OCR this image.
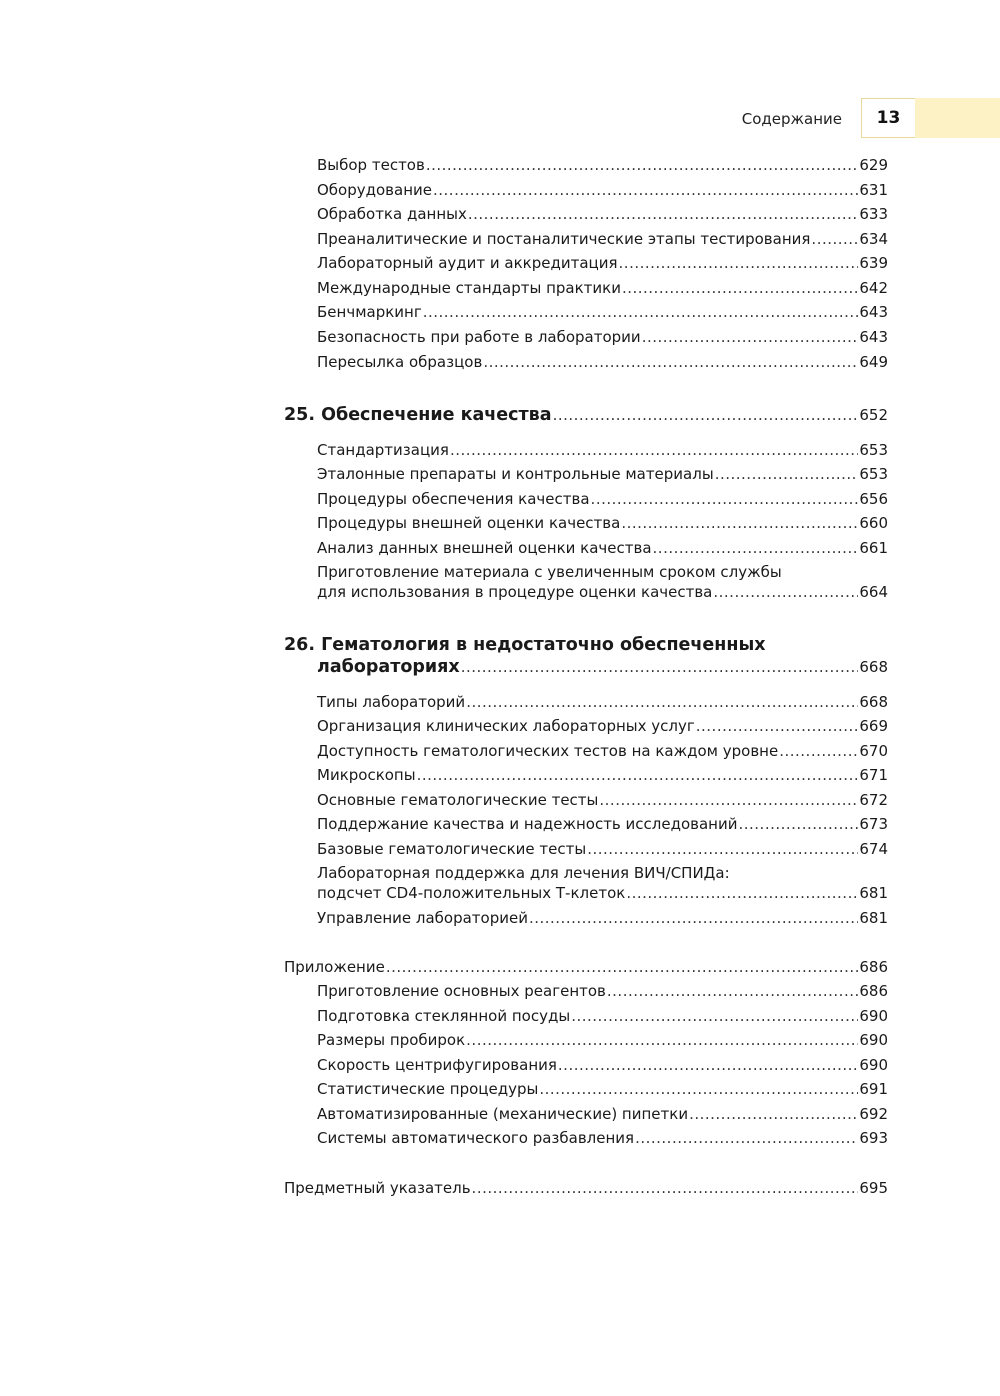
Содержание	13
Выбор тестов .....	629
Оборудование .....	631
Обработка данных .....	633
Преаналитические и постаналитические этапы тестирования .....	634
Лабораторный аудит и аккредитация .....	639
Международные стандарты практики .....	642
Бенчмаркинг .....	643
Безопасность при работе в лаборатории .....	643
Пересылка образцов .....	649
25. Обеспечение качества .....	652
Стандартизация .....	653
Эталонные препараты и контрольные материалы .....	653
Процедуры обеспечения качества .....	656
Процедуры внешней оценки качества .....	660
Анализ данных внешней оценки качества .....	661
Приготовление материала с увеличенным сроком службы
для использования в процедуре оценки качества .....	664
26. Гематология в недостаточно обеспеченных
лабораториях .....	668
Типы лабораторий .....	668
Организация клинических лабораторных услуг .....	669
Доступность гематологических тестов на каждом уровне .....	670
Микроскопы .....	671
Основные гематологические тесты .....	672
Поддержание качества и надежность исследований .....	673
Базовые гематологические тесты .....	674
Лабораторная поддержка для лечения ВИЧ/СПИДа:
подсчет CD4-положительных Т-клеток .....	681
Управление лабораторией .....	681
Приложение .....	686
Приготовление основных реагентов .....	686
Подготовка стеклянной посуды .....	690
Размеры пробирок .....	690
Скорость центрифугирования .....	690
Статистические процедуры .....	691
Автоматизированные (механические) пипетки .....	692
Системы автоматического разбавления .....	693
Предметный указатель .....	695
